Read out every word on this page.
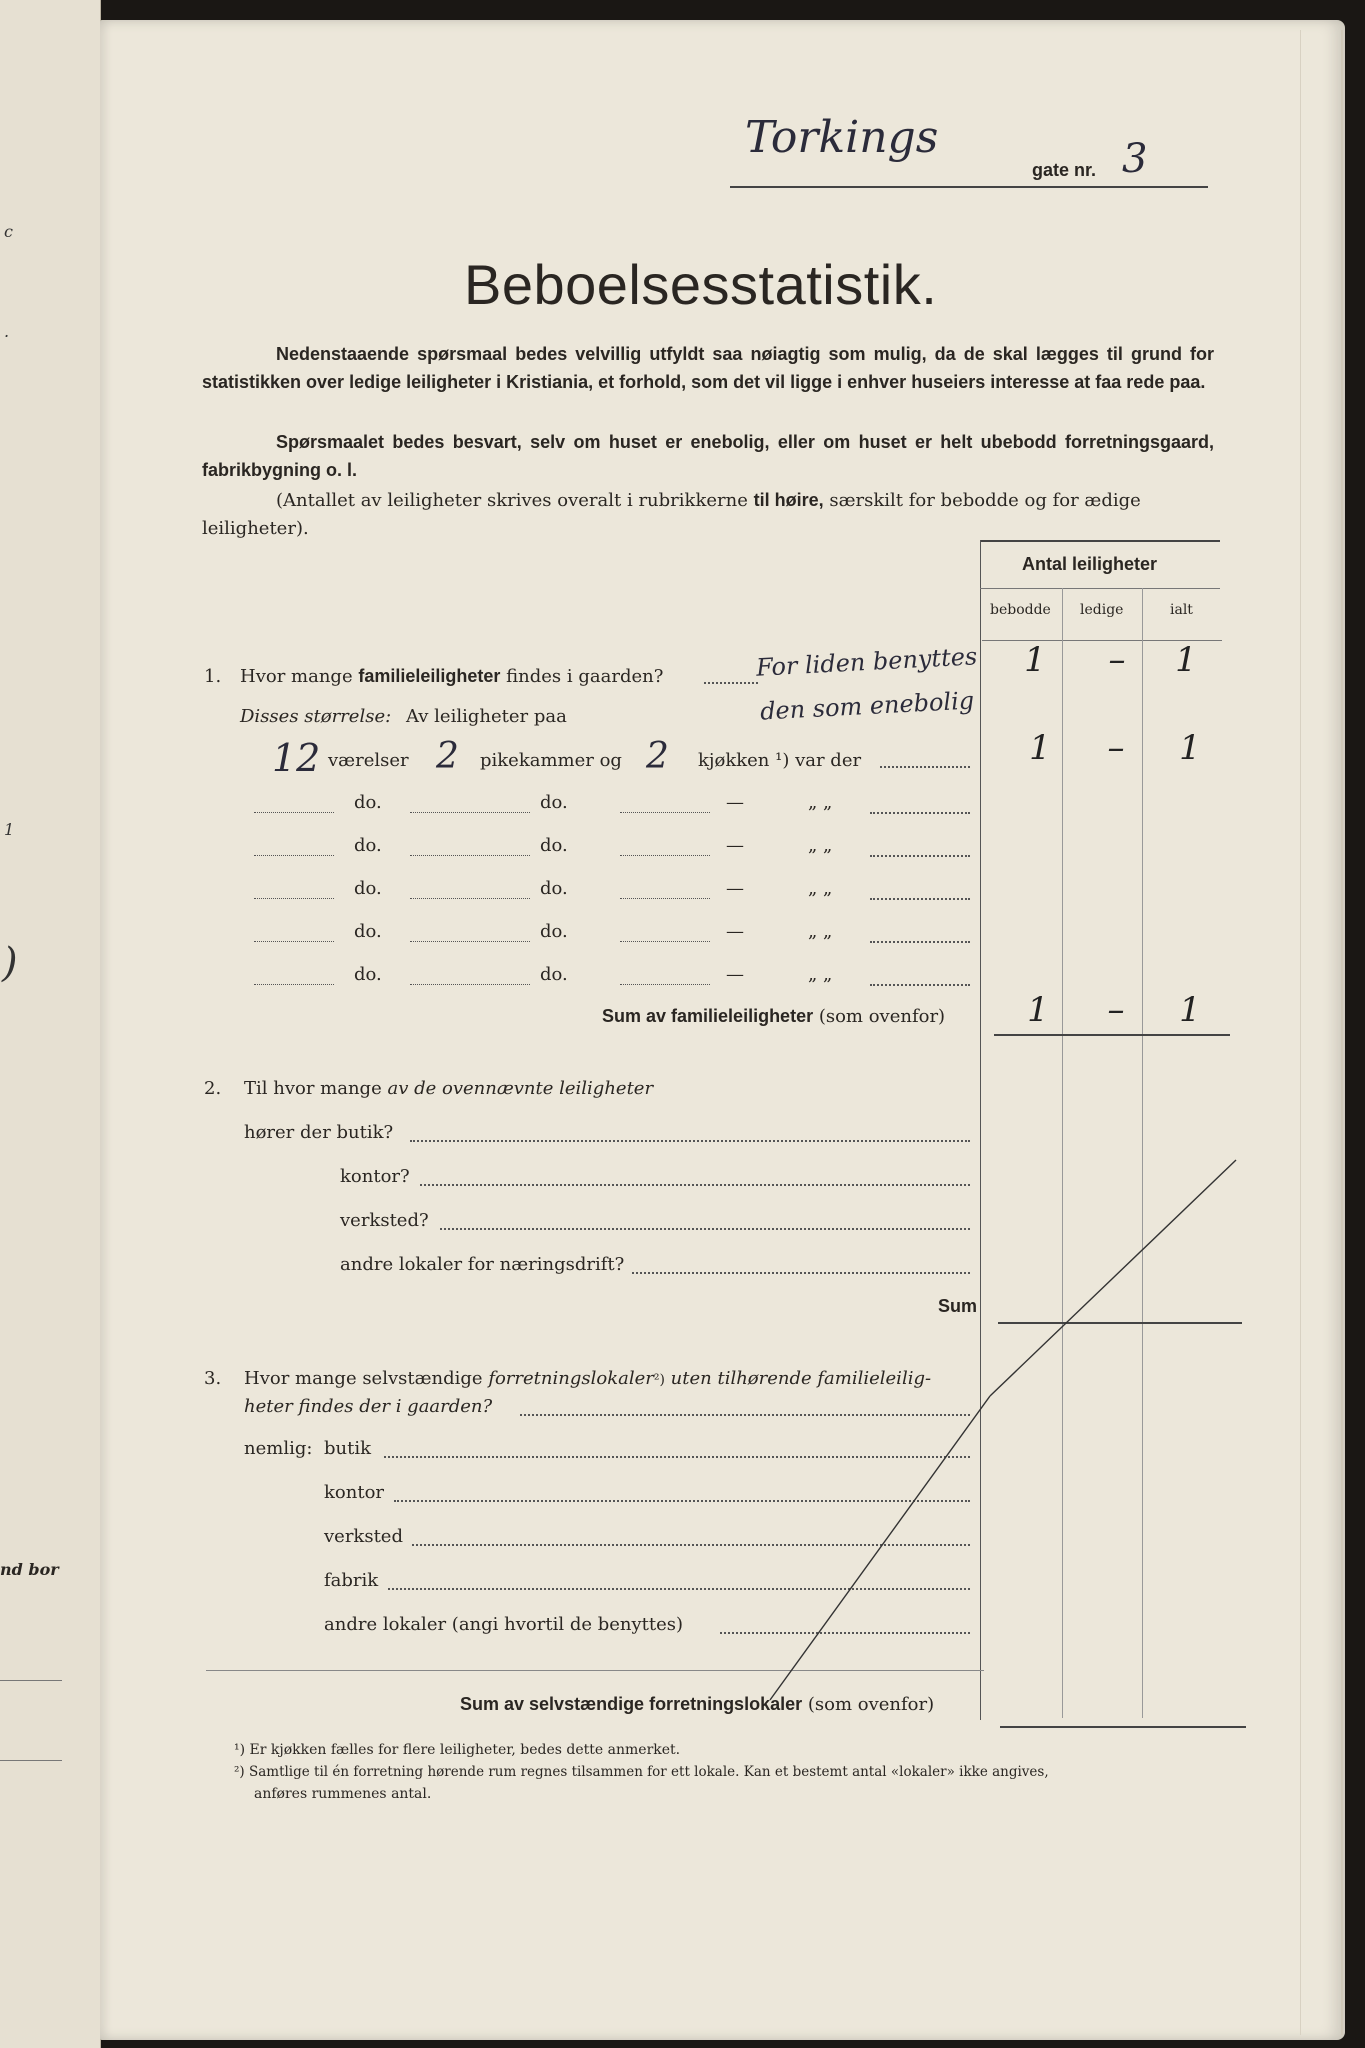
c
.
1
)
nd bor
Torkings
gate nr. 3
Beboelsesstatistik.
Nedenstaaende spørsmaal bedes velvillig utfyldt saa nøiagtig som mulig, da de skal lægges til grund for statistikken over ledige leiligheter i Kristiania, et forhold, som det vil ligge i enhver huseiers interesse at faa rede paa.
Spørsmaalet bedes besvart, selv om huset er enebolig, eller om huset er helt ubebodd forretningsgaard, fabrikbygning o. l.
(Antallet av leiligheter skrives overalt i rubrikkerne til høire, særskilt for bebodde og for ædige
leiligheter).
Antal leiligheter
bebodde ledige	ialt
1. Hvor mange familieleiligheter findes i gaarden?	For liden benyttes
den som enebolig
1	–	1
Disses størrelse: Av leiligheter paa
12 værelser 2 pikekammer og 2 kjøkken ¹) var der	1	–	1
do.	do.	—	„ „
do.	do.	—	„ „
do.	do.	—	„ „
do.	do.	—	„ „
do.	do.	—	„ „
Sum av familieleiligheter (som ovenfor)	1	–	1
2. Til hvor mange av de ovennævnte leiligheter
hører der butik?
kontor?
verksted?
andre lokaler for næringsdrift?
Sum
3. Hvor mange selvstændige forretningslokaler²) uten tilhørende familieleilig-
heter findes der i gaarden?
nemlig: butik
kontor
verksted
fabrik
andre lokaler (angi hvortil de benyttes)
Sum av selvstændige forretningslokaler (som ovenfor)
¹) Er kjøkken fælles for flere leiligheter, bedes dette anmerket.
²) Samtlige til én forretning hørende rum regnes tilsammen for ett lokale. Kan et bestemt antal «lokaler» ikke angives,
anføres rummenes antal.
